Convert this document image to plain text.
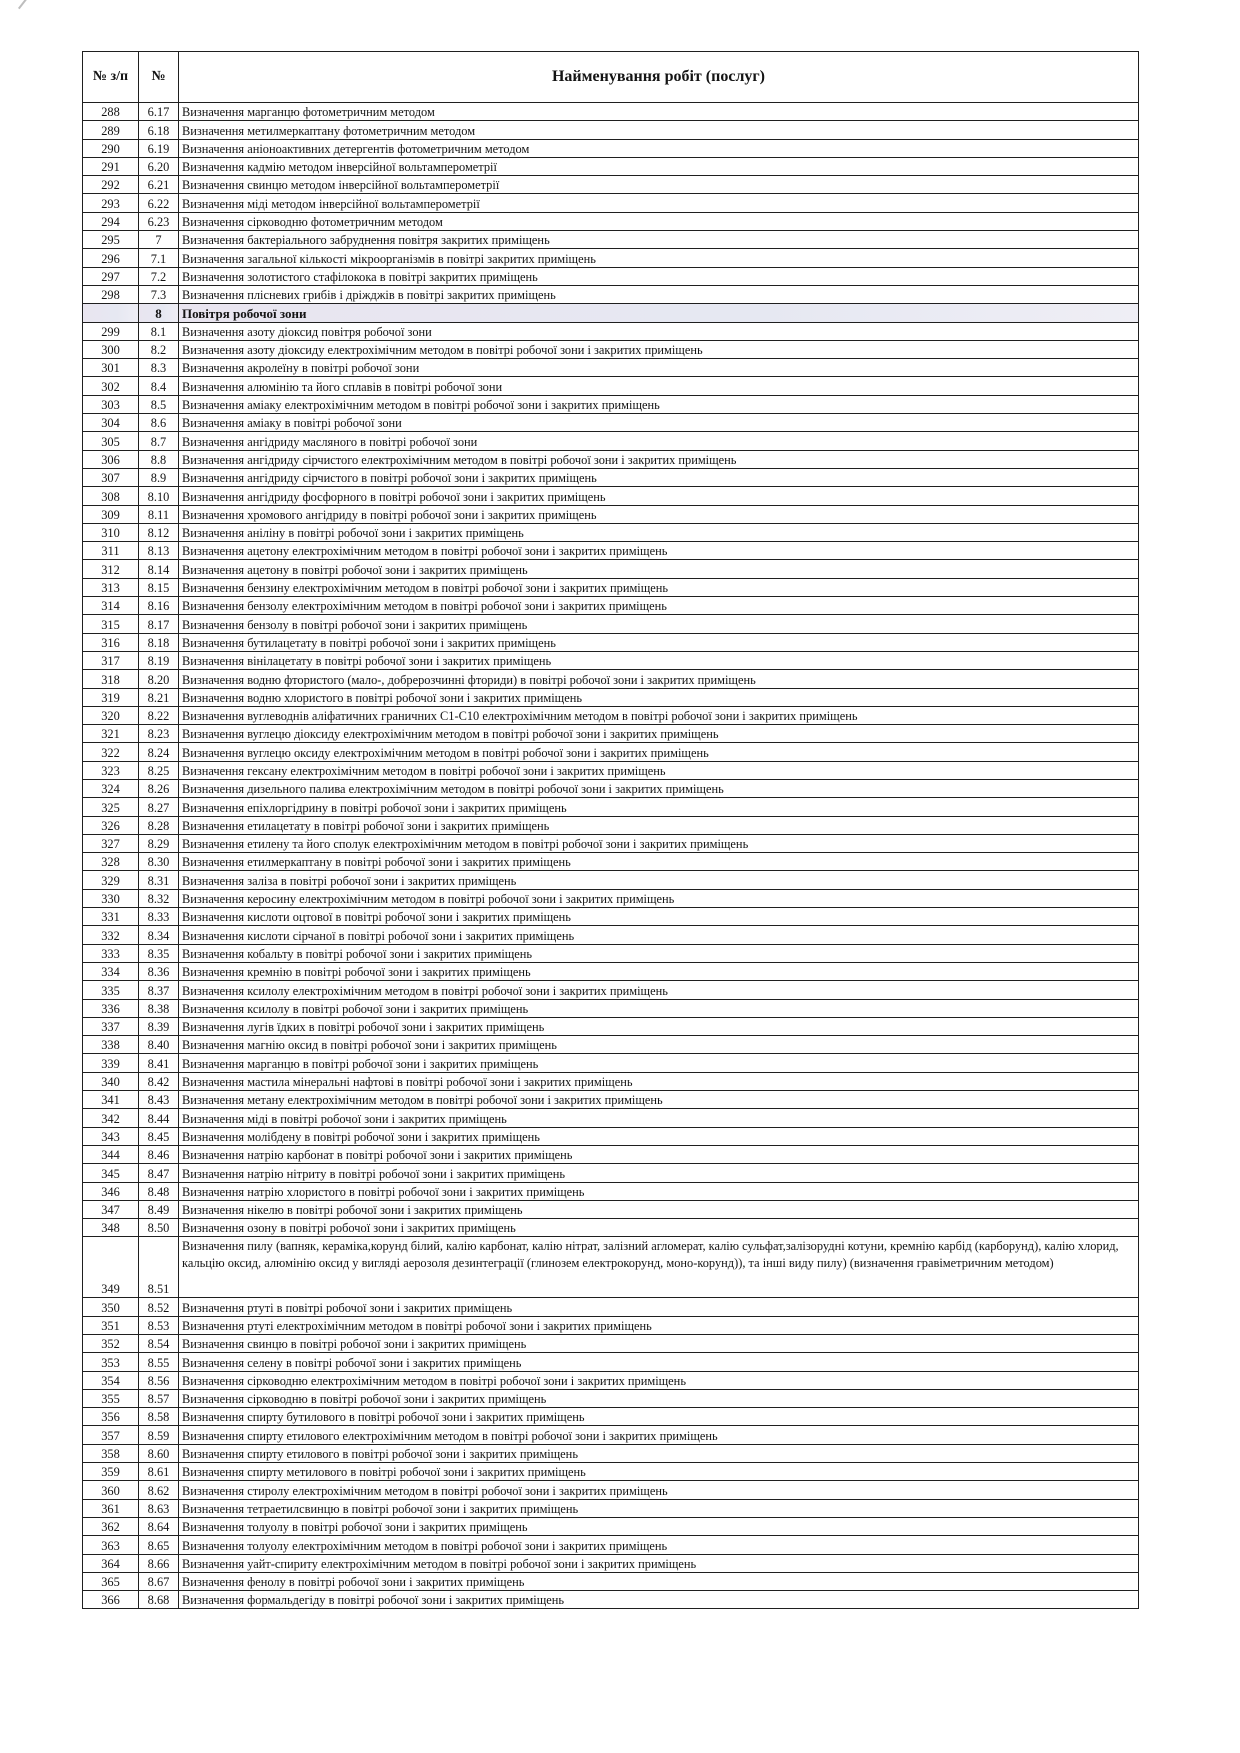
№ з/п	№	Найменування робіт (послуг)
288	6.17	Визначення марганцю фотометричним методом
289	6.18	Визначення метилмеркаптану фотометричним методом
290	6.19	Визначення аніоноактивних детергентів фотометричним методом
291	6.20	Визначення кадмію методом інверсійної вольтамперометрії
292	6.21	Визначення свинцю методом інверсійної вольтамперометрії
293	6.22	Визначення міді методом інверсійної вольтамперометрії
294	6.23	Визначення сірководню фотометричним методом
295	7	Визначення бактеріального забруднення повітря закритих приміщень
296	7.1	Визначення загальної кількості мікроорганізмів в повітрі закритих приміщень
297	7.2	Визначення золотистого стафілокока в повітрі закритих приміщень
298	7.3	Визначення плісневих грибів і дріжджів в повітрі закритих приміщень
	8	Повітря робочої зони
299	8.1	Визначення азоту діоксид повітря робочої зони
300	8.2	Визначення азоту діоксиду електрохімічним методом в повітрі робочої зони і закритих приміщень
301	8.3	Визначення акролеїну в повітрі робочої зони
302	8.4	Визначення алюмінію та його сплавів в повітрі робочої зони
303	8.5	Визначення аміаку електрохімічним методом в повітрі робочої зони і закритих приміщень
304	8.6	Визначення аміаку в повітрі робочої зони
305	8.7	Визначення ангідриду масляного в повітрі робочої зони
306	8.8	Визначення ангідриду сірчистого електрохімічним методом в повітрі робочої зони і закритих приміщень
307	8.9	Визначення ангідриду сірчистого в повітрі робочої зони і закритих приміщень
308	8.10	Визначення ангідриду фосфорного в повітрі робочої зони і закритих приміщень
309	8.11	Визначення хромового ангідриду в повітрі робочої зони і закритих приміщень
310	8.12	Визначення аніліну в повітрі робочої зони і закритих приміщень
311	8.13	Визначення ацетону електрохімічним методом в повітрі робочої зони і закритих приміщень
312	8.14	Визначення ацетону в повітрі робочої зони і закритих приміщень
313	8.15	Визначення бензину електрохімічним методом в повітрі робочої зони і закритих приміщень
314	8.16	Визначення бензолу електрохімічним методом в повітрі робочої зони і закритих приміщень
315	8.17	Визначення бензолу в повітрі робочої зони і закритих приміщень
316	8.18	Визначення бутилацетату в повітрі робочої зони і закритих приміщень
317	8.19	Визначення вінілацетату в повітрі робочої зони і закритих приміщень
318	8.20	Визначення водню фтористого (мало-, добрерозчинні фториди) в повітрі робочої зони і закритих приміщень
319	8.21	Визначення водню хлористого в повітрі робочої зони і закритих приміщень
320	8.22	Визначення вуглеводнів аліфатичних граничних С1-С10 електрохімічним методом в повітрі робочої зони і закритих приміщень
321	8.23	Визначення вуглецю діоксиду електрохімічним методом в повітрі робочої зони і закритих приміщень
322	8.24	Визначення вуглецю оксиду електрохімічним методом в повітрі робочої зони і закритих приміщень
323	8.25	Визначення гексану електрохімічним методом в повітрі робочої зони і закритих приміщень
324	8.26	Визначення дизельного палива електрохімічним методом в повітрі робочої зони і закритих приміщень
325	8.27	Визначення епіхлоргідрину в повітрі робочої зони і закритих приміщень
326	8.28	Визначення етилацетату в повітрі робочої зони і закритих приміщень
327	8.29	Визначення етилену та його сполук електрохімічним методом в повітрі робочої зони і закритих приміщень
328	8.30	Визначення етилмеркаптану в повітрі робочої зони і закритих приміщень
329	8.31	Визначення заліза в повітрі робочої зони і закритих приміщень
330	8.32	Визначення керосину електрохімічним методом в повітрі робочої зони і закритих приміщень
331	8.33	Визначення кислоти оцтової в повітрі робочої зони і закритих приміщень
332	8.34	Визначення кислоти сірчаної в повітрі робочої зони і закритих приміщень
333	8.35	Визначення кобальту в повітрі робочої зони і закритих приміщень
334	8.36	Визначення кремнію в повітрі робочої зони і закритих приміщень
335	8.37	Визначення ксилолу електрохімічним методом в повітрі робочої зони і закритих приміщень
336	8.38	Визначення ксилолу в повітрі робочої зони і закритих приміщень
337	8.39	Визначення лугів їдких в повітрі робочої зони і закритих приміщень
338	8.40	Визначення магнію оксид в повітрі робочої зони і закритих приміщень
339	8.41	Визначення марганцю в повітрі робочої зони і закритих приміщень
340	8.42	Визначення мастила мінеральні нафтові в повітрі робочої зони і закритих приміщень
341	8.43	Визначення метану електрохімічним методом в повітрі робочої зони і закритих приміщень
342	8.44	Визначення міді в повітрі робочої зони і закритих приміщень
343	8.45	Визначення молібдену в повітрі робочої зони і закритих приміщень
344	8.46	Визначення натрію карбонат в повітрі робочої зони і закритих приміщень
345	8.47	Визначення натрію нітриту в повітрі робочої зони і закритих приміщень
346	8.48	Визначення натрію хлористого в повітрі робочої зони і закритих приміщень
347	8.49	Визначення нікелю в повітрі робочої зони і закритих приміщень
348	8.50	Визначення озону в повітрі робочої зони і закритих приміщень
349	8.51	Визначення пилу (вапняк, кераміка,корунд білий, калію карбонат, калію нітрат, залізний агломерат, калію сульфат,залізорудні котуни, кремнію карбід (карборунд), калію хлорид, кальцію оксид, алюмінію оксид у вигляді аерозоля дезинтеграції (глинозем електрокорунд, моно-корунд)), та інші виду пилу) (визначення гравіметричним методом)
350	8.52	Визначення ртуті в повітрі робочої зони і закритих приміщень
351	8.53	Визначення ртуті електрохімічним методом в повітрі робочої зони і закритих приміщень
352	8.54	Визначення свинцю в повітрі робочої зони і закритих приміщень
353	8.55	Визначення селену в повітрі робочої зони і закритих приміщень
354	8.56	Визначення сірководню електрохімічним методом в повітрі робочої зони і закритих приміщень
355	8.57	Визначення сірководню в повітрі робочої зони і закритих приміщень
356	8.58	Визначення спирту бутилового в повітрі робочої зони і закритих приміщень
357	8.59	Визначення спирту етилового електрохімічним методом в повітрі робочої зони і закритих приміщень
358	8.60	Визначення спирту етилового в повітрі робочої зони і закритих приміщень
359	8.61	Визначення спирту метилового в повітрі робочої зони і закритих приміщень
360	8.62	Визначення стиролу електрохімічним методом в повітрі робочої зони і закритих приміщень
361	8.63	Визначення тетраетилсвинцю в повітрі робочої зони і закритих приміщень
362	8.64	Визначення толуолу в повітрі робочої зони і закритих приміщень
363	8.65	Визначення толуолу електрохімічним методом в повітрі робочої зони і закритих приміщень
364	8.66	Визначення уайт-спириту електрохімічним методом в повітрі робочої зони і закритих приміщень
365	8.67	Визначення фенолу в повітрі робочої зони і закритих приміщень
366	8.68	Визначення формальдегіду в повітрі робочої зони і закритих приміщень
